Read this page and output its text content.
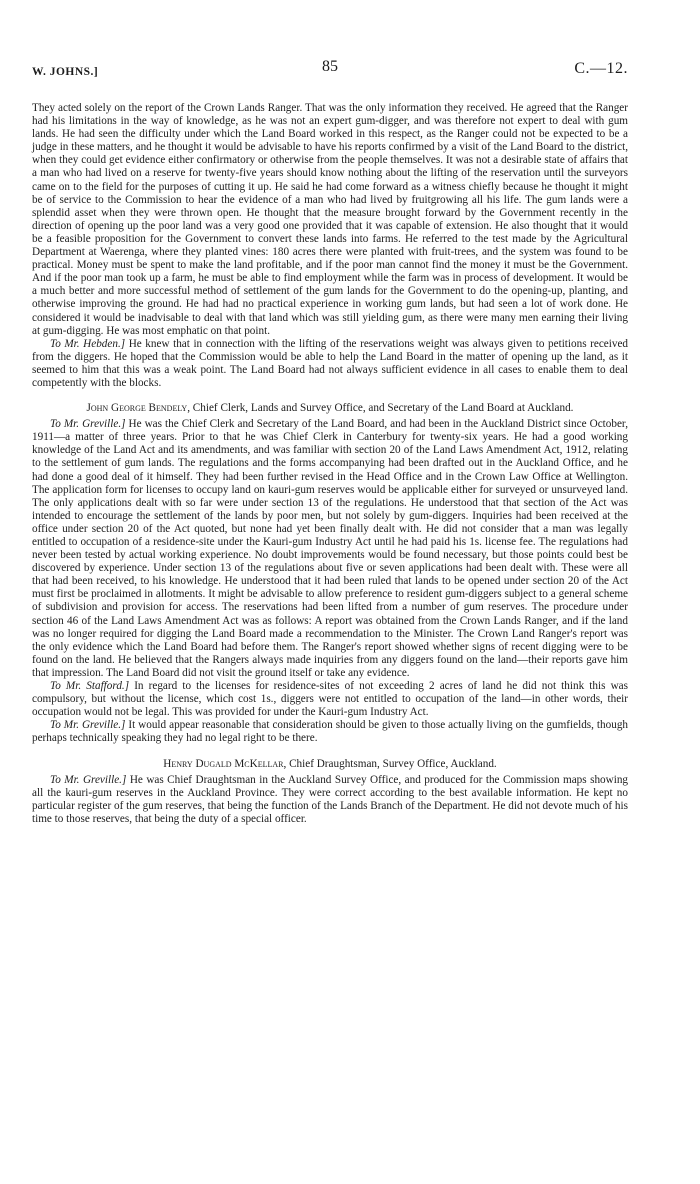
W. JOHNS.]	85	C.—12.

They acted solely on the report of the Crown Lands Ranger. That was the only information they received. He agreed that the Ranger had his limitations in the way of knowledge, as he was not an expert gum-digger, and was therefore not expert to deal with gum lands. He had seen the difficulty under which the Land Board worked in this respect, as the Ranger could not be expected to be a judge in these matters, and he thought it would be advisable to have his reports confirmed by a visit of the Land Board to the district, when they could get evidence either confirmatory or otherwise from the people themselves. It was not a desirable state of affairs that a man who had lived on a reserve for twenty-five years should know nothing about the lifting of the reservation until the surveyors came on to the field for the purposes of cutting it up. He said he had come forward as a witness chiefly because he thought it might be of service to the Commission to hear the evidence of a man who had lived by fruitgrowing all his life. The gum lands were a splendid asset when they were thrown open. He thought that the measure brought forward by the Government recently in the direction of opening up the poor land was a very good one provided that it was capable of extension. He also thought that it would be a feasible proposition for the Government to convert these lands into farms. He referred to the test made by the Agricultural Department at Waerenga, where they planted vines: 180 acres there were planted with fruit-trees, and the system was found to be practical. Money must be spent to make the land profitable, and if the poor man cannot find the money it must be the Government. And if the poor man took up a farm, he must be able to find employment while the farm was in process of development. It would be a much better and more successful method of settlement of the gum lands for the Government to do the opening-up, planting, and otherwise improving the ground. He had had no practical experience in working gum lands, but had seen a lot of work done. He considered it would be inadvisable to deal with that land which was still yielding gum, as there were many men earning their living at gum-digging. He was most emphatic on that point.

To Mr. Hebden.] He knew that in connection with the lifting of the reservations weight was always given to petitions received from the diggers. He hoped that the Commission would be able to help the Land Board in the matter of opening up the land, as it seemed to him that this was a weak point. The Land Board had not always sufficient evidence in all cases to enable them to deal competently with the blocks.

John George Bendely, Chief Clerk, Lands and Survey Office, and Secretary of the Land Board at Auckland.

To Mr. Greville.] He was the Chief Clerk and Secretary of the Land Board, and had been in the Auckland District since October, 1911—a matter of three years. Prior to that he was Chief Clerk in Canterbury for twenty-six years. He had a good working knowledge of the Land Act and its amendments, and was familiar with section 20 of the Land Laws Amendment Act, 1912, relating to the settlement of gum lands. The regulations and the forms accompanying had been drafted out in the Auckland Office, and he had done a good deal of it himself. They had been further revised in the Head Office and in the Crown Law Office at Wellington. The application form for licenses to occupy land on kauri-gum reserves would be applicable either for surveyed or unsurveyed land. The only applications dealt with so far were under section 13 of the regulations. He understood that that section of the Act was intended to encourage the settlement of the lands by poor men, but not solely by gum-diggers. Inquiries had been received at the office under section 20 of the Act quoted, but none had yet been finally dealt with. He did not consider that a man was legally entitled to occupation of a residence-site under the Kauri-gum Industry Act until he had paid his 1s. license fee. The regulations had never been tested by actual working experience. No doubt improvements would be found necessary, but those points could best be discovered by experience. Under section 13 of the regulations about five or seven applications had been dealt with. These were all that had been received, to his knowledge. He understood that it had been ruled that lands to be opened under section 20 of the Act must first be proclaimed in allotments. It might be advisable to allow preference to resident gum-diggers subject to a general scheme of subdivision and provision for access. The reservations had been lifted from a number of gum reserves. The procedure under section 46 of the Land Laws Amendment Act was as follows: A report was obtained from the Crown Lands Ranger, and if the land was no longer required for digging the Land Board made a recommendation to the Minister. The Crown Land Ranger's report was the only evidence which the Land Board had before them. The Ranger's report showed whether signs of recent digging were to be found on the land. He believed that the Rangers always made inquiries from any diggers found on the land—their reports gave him that impression. The Land Board did not visit the ground itself or take any evidence.

To Mr. Stafford.] In regard to the licenses for residence-sites of not exceeding 2 acres of land he did not think this was compulsory, but without the license, which cost 1s., diggers were not entitled to occupation of the land—in other words, their occupation would not be legal. This was provided for under the Kauri-gum Industry Act.

To Mr. Greville.] It would appear reasonable that consideration should be given to those actually living on the gumfields, though perhaps technically speaking they had no legal right to be there.

Henry Dugald McKellar, Chief Draughtsman, Survey Office, Auckland.

To Mr. Greville.] He was Chief Draughtsman in the Auckland Survey Office, and produced for the Commission maps showing all the kauri-gum reserves in the Auckland Province. They were correct according to the best available information. He kept no particular register of the gum reserves, that being the function of the Lands Branch of the Department. He did not devote much of his time to those reserves, that being the duty of a special officer.
